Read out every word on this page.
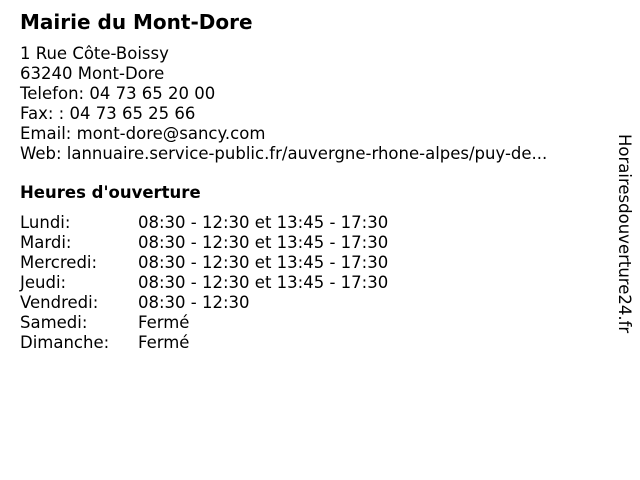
Mairie du Mont-Dore
1 Rue Côte-Boissy
63240 Mont-Dore
Telefon: 04 73 65 20 00
Fax: : 04 73 65 25 66
Email: mont-dore@sancy.com
Web: lannuaire.service-public.fr/auvergne-rhone-alpes/puy-de...
Heures d'ouverture
Lundi:	08:30 - 12:30 et 13:45 - 17:30
Mardi:	08:30 - 12:30 et 13:45 - 17:30
Mercredi:	08:30 - 12:30 et 13:45 - 17:30
Jeudi:	08:30 - 12:30 et 13:45 - 17:30
Vendredi:	08:30 - 12:30
Samedi:	Fermé
Dimanche:	Fermé
Horairesdouverture24.fr
